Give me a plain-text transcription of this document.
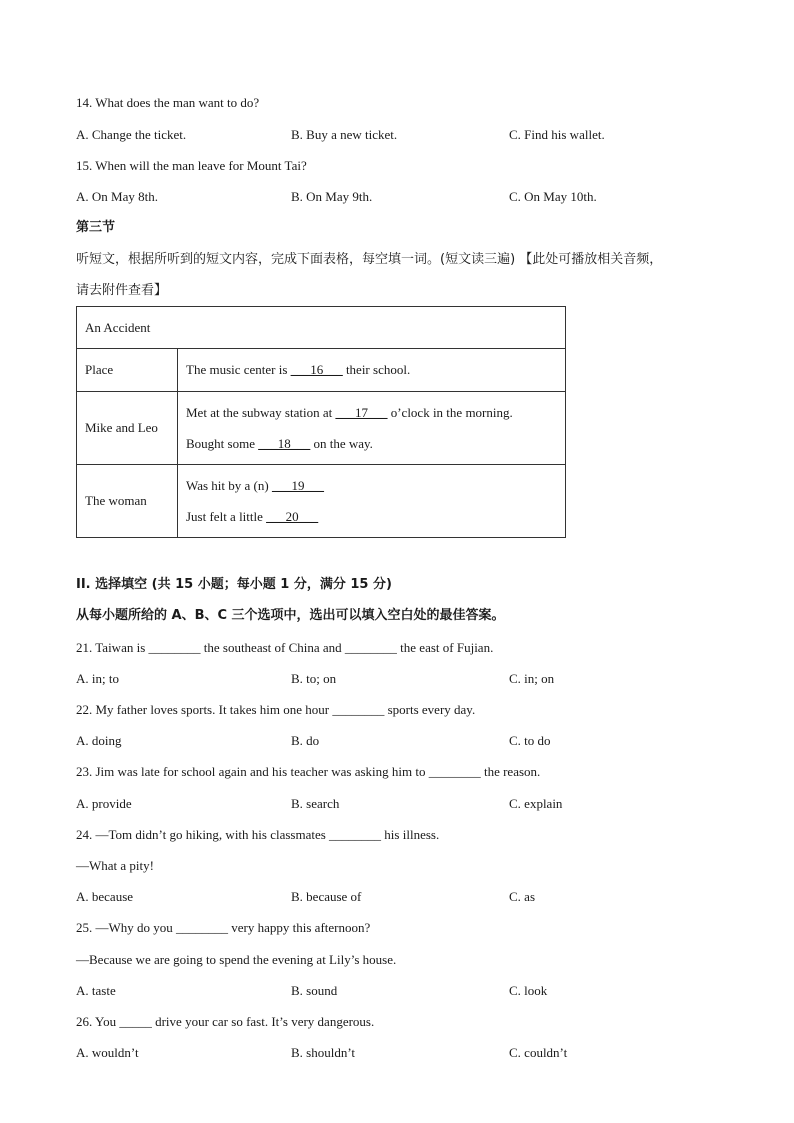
14. What does the man want to do?
A. Change the ticket.	B. Buy a new ticket.	C. Find his wallet.
15. When will the man leave for Mount Tai?
A. On May 8th.	B. On May 9th.	C. On May 10th.
第三节
听短文，根据所听到的短文内容，完成下面表格，每空填一词。(短文读三遍) 【此处可播放相关音频，
请去附件查看】
An Accident	
Place	The music center is ___16___ their school.
Mike and Leo	Met at the subway station at ___17___ o’clock in the morning.
Bought some ___18___ on the way.

The woman	Was hit by a (n) ___19___
Just felt a little ___20___
II. 选择填空 (共 15 小题；每小题 1 分，满分 15 分)
从每小题所给的 A、B、C 三个选项中，选出可以填入空白处的最佳答案。
21. Taiwan is ________ the southeast of China and ________ the east of Fujian.
A. in; to	B. to; on	C. in; on
22. My father loves sports. It takes him one hour ________ sports every day.
A. doing	B. do	C. to do
23. Jim was late for school again and his teacher was asking him to ________ the reason.
A. provide	B. search	C. explain
24. —Tom didn’t go hiking, with his classmates ________ his illness.
—What a pity!
A. because	B. because of	C. as
25. —Why do you ________ very happy this afternoon?
—Because we are going to spend the evening at Lily’s house.
A. taste	B. sound	C. look
26. You _____ drive your car so fast. It’s very dangerous.
A. wouldn’t	B. shouldn’t	C. couldn’t
